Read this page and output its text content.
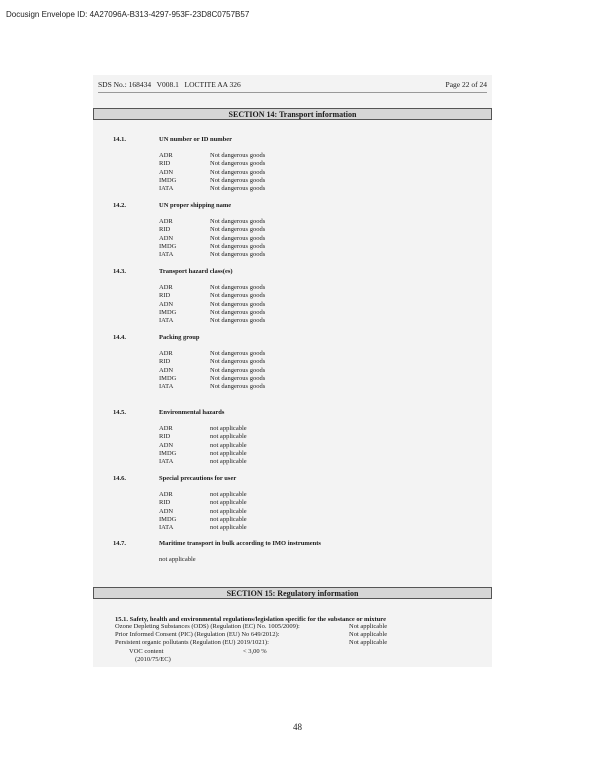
Docusign Envelope ID: 4A27096A-B313-4297-953F-23D8C0757B57
SDS No.: 168434   V008.1   LOCTITE AA 326	Page 22 of 24
SECTION 14: Transport information
14.1.	UN number or ID number
ADR	Not dangerous goods
RID	Not dangerous goods
ADN	Not dangerous goods
IMDG	Not dangerous goods
IATA	Not dangerous goods
14.2.	UN proper shipping name
ADR	Not dangerous goods
RID	Not dangerous goods
ADN	Not dangerous goods
IMDG	Not dangerous goods
IATA	Not dangerous goods
14.3.	Transport hazard class(es)
ADR	Not dangerous goods
RID	Not dangerous goods
ADN	Not dangerous goods
IMDG	Not dangerous goods
IATA	Not dangerous goods
14.4.	Packing group
ADR	Not dangerous goods
RID	Not dangerous goods
ADN	Not dangerous goods
IMDG	Not dangerous goods
IATA	Not dangerous goods
14.5.	Environmental hazards
ADR	not applicable
RID	not applicable
ADN	not applicable
IMDG	not applicable
IATA	not applicable
14.6.	Special precautions for user
ADR	not applicable
RID	not applicable
ADN	not applicable
IMDG	not applicable
IATA	not applicable
14.7.	Maritime transport in bulk according to IMO instruments
not applicable
SECTION 15: Regulatory information
15.1. Safety, health and environmental regulations/legislation specific for the substance or mixture
Ozone Depleting Substances (ODS) (Regulation (EC) No. 1005/2009):	Not applicable
Prior Informed Consent (PIC) (Regulation (EU) No 649/2012):	Not applicable
Persistent organic pollutants (Regulation (EU) 2019/1021):	Not applicable
VOC content	< 3,00 %
(2010/75/EC)
48
